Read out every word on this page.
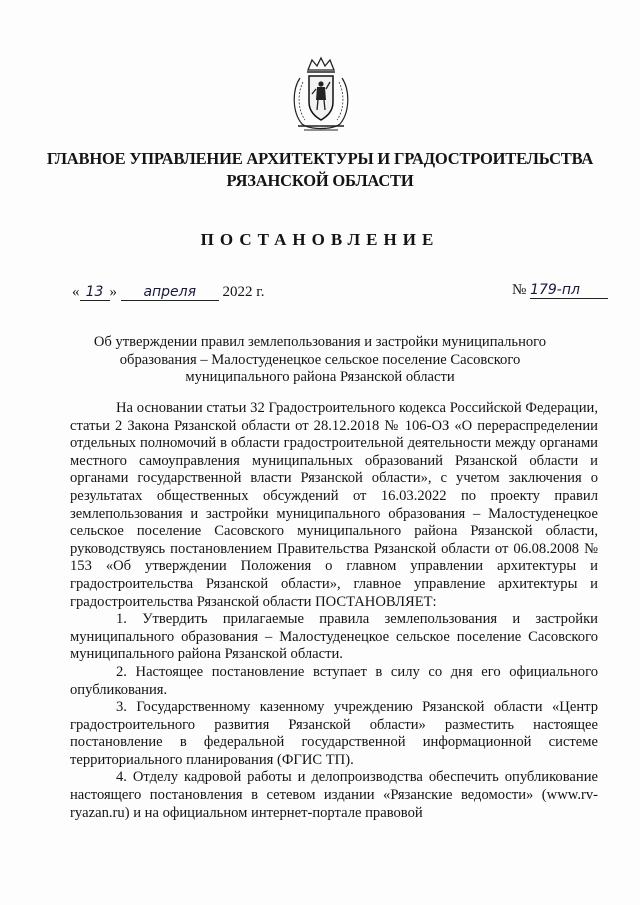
ГЛАВНОЕ УПРАВЛЕНИЕ АРХИТЕКТУРЫ И ГРАДОСТРОИТЕЛЬСТВА
РЯЗАНСКОЙ ОБЛАСТИ
ПОСТАНОВЛЕНИЕ
« 13 » апреля 2022 г.	№ 179-пл
Об утверждении правил землепользования и застройки муниципального
образования – Малостуденецкое сельское поселение Сасовского
муниципального района Рязанской области

На основании статьи 32 Градостроительного кодекса Российской Федерации, статьи 2 Закона Рязанской области от 28.12.2018 № 106-ОЗ «О перераспределении отдельных полномочий в области градостроительной деятельности между органами местного самоуправления муниципальных образований Рязанской области и органами государственной власти Рязанской области», с учетом заключения о результатах общественных обсуждений от 16.03.2022 по проекту правил землепользования и застройки муниципального образования – Малостуденецкое сельское поселение Сасовского муниципального района Рязанской области, руководствуясь постановлением Правительства Рязанской области от 06.08.2008 № 153 «Об утверждении Положения о главном управлении архитектуры и градостроительства Рязанской области», главное управление архитектуры и градостроительства Рязанской области ПОСТАНОВЛЯЕТ:

1. Утвердить прилагаемые правила землепользования и застройки муниципального образования – Малостуденецкое сельское поселение Сасовского муниципального района Рязанской области.

2. Настоящее постановление вступает в силу со дня его официального опубликования.

3. Государственному казенному учреждению Рязанской области «Центр градостроительного развития Рязанской области» разместить настоящее постановление в федеральной государственной информационной системе территориального планирования (ФГИС ТП).

4. Отделу кадровой работы и делопроизводства обеспечить опубликование настоящего постановления в сетевом издании «Рязанские ведомости» (www.rv-ryazan.ru) и на официальном интернет-портале правовой
